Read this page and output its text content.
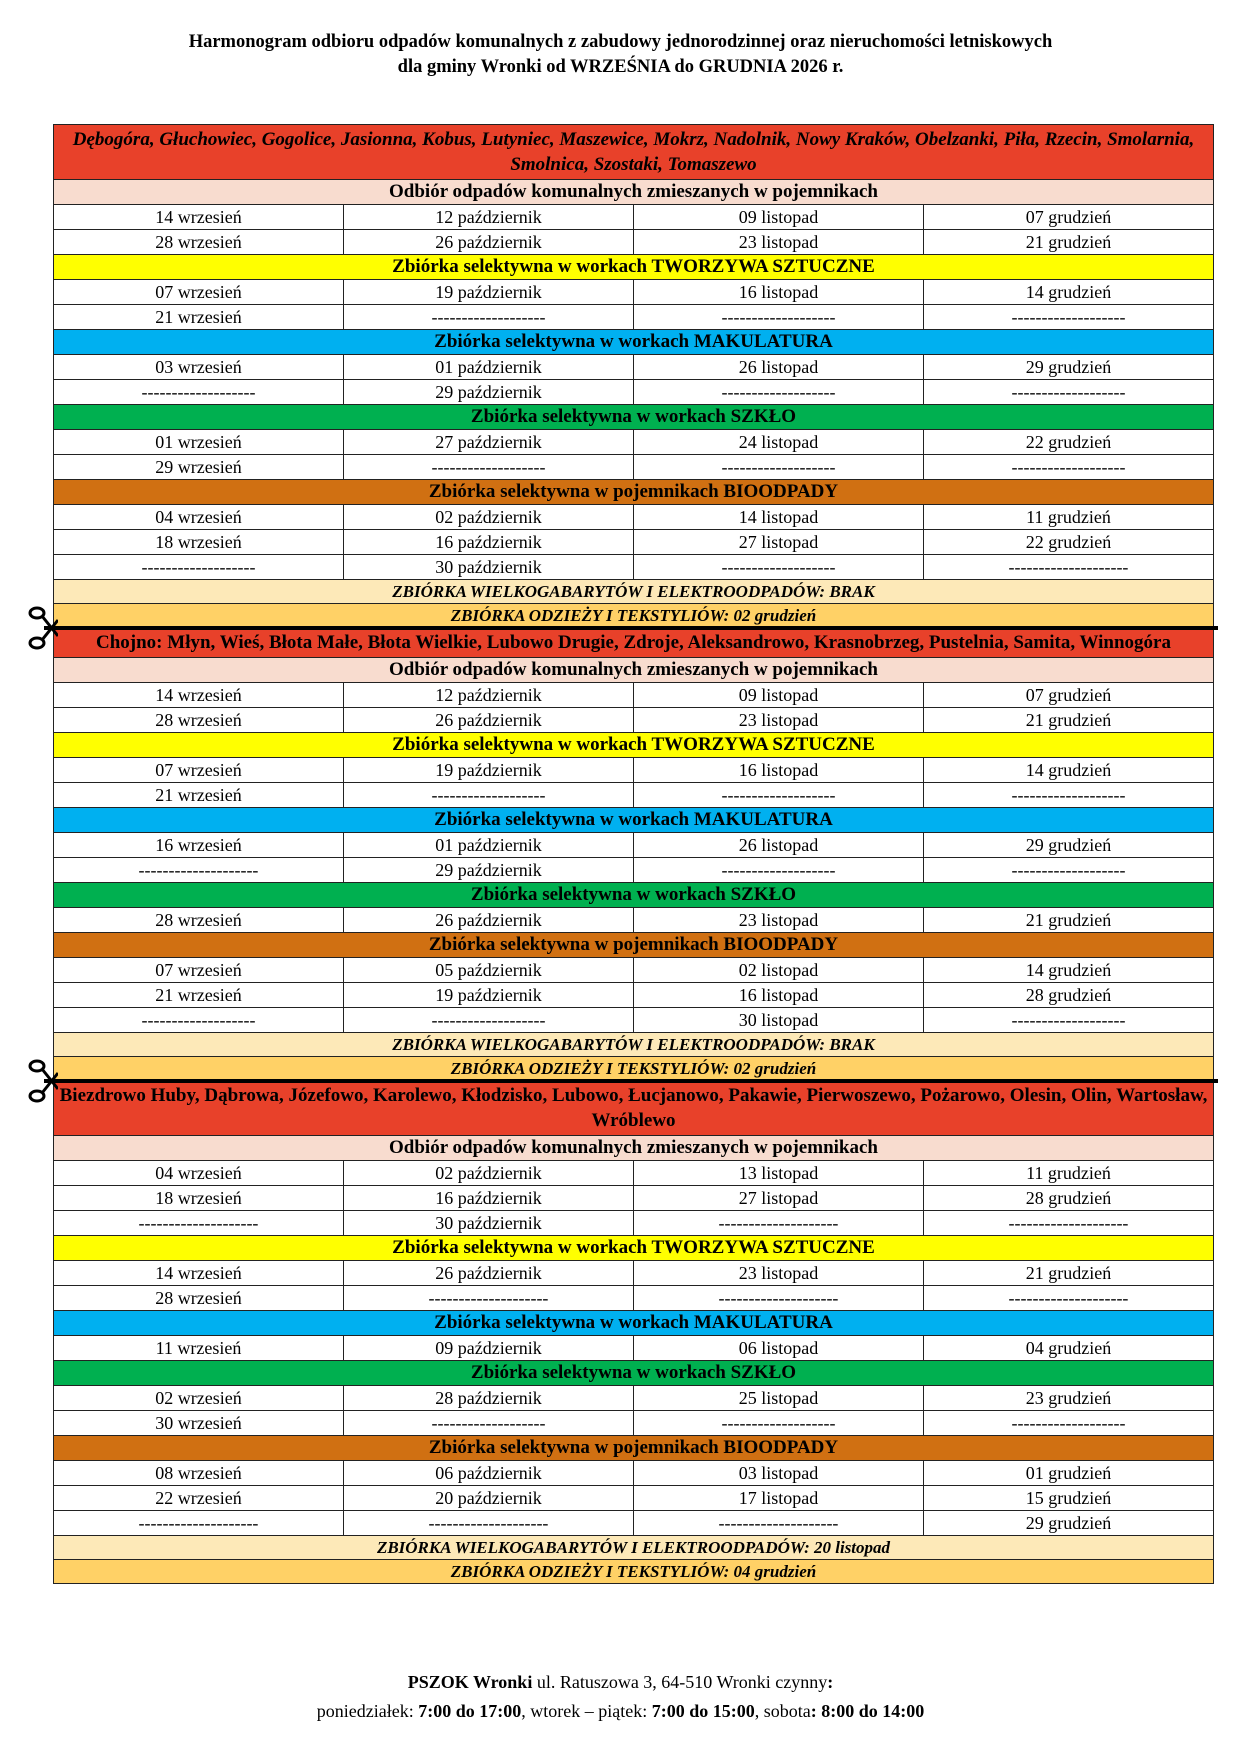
Harmonogram odbioru odpadów komunalnych z zabudowy jednorodzinnej oraz nieruchomości letniskowych
dla gminy Wronki od WRZEŚNIA do GRUDNIA 2026 r.
Dębogóra, Głuchowiec, Gogolice, Jasionna, Kobus, Lutyniec, Maszewice, Mokrz, Nadolnik, Nowy Kraków, Obelzanki, Piła, Rzecin, Smolarnia, Smolnica, Szostaki, Tomaszewo			
Odbiór odpadów komunalnych zmieszanych w pojemnikach			
14 wrzesień	12 październik	09 listopad	07 grudzień
28 wrzesień	26 październik	23 listopad	21 grudzień
Zbiórka selektywna w workach TWORZYWA SZTUCZNE			
07 wrzesień	19 październik	16 listopad	14 grudzień
21 wrzesień	-------------------	-------------------	-------------------
Zbiórka selektywna w workach MAKULATURA			
03 wrzesień	01 październik	26 listopad	29 grudzień
-------------------	29 październik	-------------------	-------------------
Zbiórka selektywna w workach SZKŁO			
01 wrzesień	27 październik	24 listopad	22 grudzień
29 wrzesień	-------------------	-------------------	-------------------
Zbiórka selektywna w pojemnikach BIOODPADY			
04 wrzesień	02 październik	14 listopad	11 grudzień
18 wrzesień	16 październik	27 listopad	22 grudzień
-------------------	30 październik	-------------------	--------------------
ZBIÓRKA WIELKOGABARYTÓW I ELEKTROODPADÓW: BRAK			
ZBIÓRKA ODZIEŻY I TEKSTYLIÓW: 02 grudzień			
Chojno: Młyn, Wieś, Błota Małe, Błota Wielkie, Lubowo Drugie, Zdroje, Aleksandrowo, Krasnobrzeg, Pustelnia, Samita, Winnogóra			
Odbiór odpadów komunalnych zmieszanych w pojemnikach			
14 wrzesień	12 październik	09 listopad	07 grudzień
28 wrzesień	26 październik	23 listopad	21 grudzień
Zbiórka selektywna w workach TWORZYWA SZTUCZNE			
07 wrzesień	19 październik	16 listopad	14 grudzień
21 wrzesień	-------------------	-------------------	-------------------
Zbiórka selektywna w workach MAKULATURA			
16 wrzesień	01 październik	26 listopad	29 grudzień
--------------------	29 październik	-------------------	-------------------
Zbiórka selektywna w workach SZKŁO			
28 wrzesień	26 październik	23 listopad	21 grudzień
Zbiórka selektywna w pojemnikach BIOODPADY			
07 wrzesień	05 październik	02 listopad	14 grudzień
21 wrzesień	19 październik	16 listopad	28 grudzień
-------------------	-------------------	30 listopad	-------------------
ZBIÓRKA WIELKOGABARYTÓW I ELEKTROODPADÓW: BRAK			
ZBIÓRKA ODZIEŻY I TEKSTYLIÓW: 02 grudzień			
Biezdrowo Huby, Dąbrowa, Józefowo, Karolewo, Kłodzisko, Lubowo, Łucjanowo, Pakawie, Pierwoszewo, Pożarowo, Olesin, Olin, Wartosław, Wróblewo			
Odbiór odpadów komunalnych zmieszanych w pojemnikach			
04 wrzesień	02 październik	13 listopad	11 grudzień
18 wrzesień	16 październik	27 listopad	28 grudzień
--------------------	30 październik	--------------------	--------------------
Zbiórka selektywna w workach TWORZYWA SZTUCZNE			
14 wrzesień	26 październik	23 listopad	21 grudzień
28 wrzesień	--------------------	--------------------	--------------------
Zbiórka selektywna w workach MAKULATURA			
11 wrzesień	09 październik	06 listopad	04 grudzień
Zbiórka selektywna w workach SZKŁO			
02 wrzesień	28 październik	25 listopad	23 grudzień
30 wrzesień	-------------------	-------------------	-------------------
Zbiórka selektywna w pojemnikach BIOODPADY			
08 wrzesień	06 październik	03 listopad	01 grudzień
22 wrzesień	20 październik	17 listopad	15 grudzień
--------------------	--------------------	--------------------	29 grudzień
ZBIÓRKA WIELKOGABARYTÓW I ELEKTROODPADÓW: 20 listopad			
ZBIÓRKA ODZIEŻY I TEKSTYLIÓW: 04 grudzień			
PSZOK Wronki ul. Ratuszowa 3, 64-510 Wronki czynny:
poniedziałek: 7:00 do 17:00, wtorek – piątek: 7:00 do 15:00, sobota: 8:00 do 14:00
